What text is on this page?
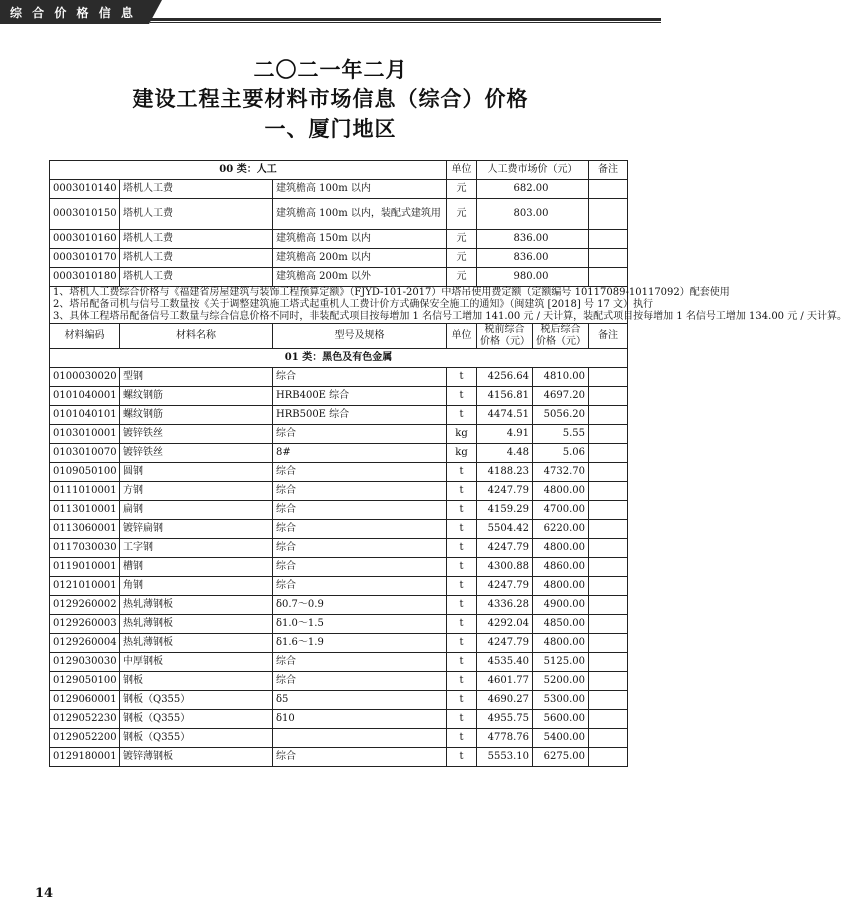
综 合 价 格 信 息
二〇二一年二月
建设工程主要材料市场信息（综合）价格
一、厦门地区
00 类：人工			单位	人工费市场价（元）		备注
0003010140	塔机人工费	建筑檐高 100m 以内	元	682.00		
0003010150	塔机人工费	建筑檐高 100m 以内，装配式建筑用	元	803.00		
0003010160	塔机人工费	建筑檐高 150m 以内	元	836.00		
0003010170	塔机人工费	建筑檐高 200m 以内	元	836.00		
0003010180	塔机人工费	建筑檐高 200m 以外	元	980.00		

1、塔机人工费综合价格与《福建省房屋建筑与装饰工程预算定额》（FJYD-101-2017）中塔吊使用费定额（定额编号 10117089-10117092）配套使用
2、塔吊配备司机与信号工数量按《关于调整建筑施工塔式起重机人工费计价方式确保安全施工的通知》（闽建筑 [2018] 号 17 文）执行
3、具体工程塔吊配备信号工数量与综合信息价格不同时，非装配式项目按每增加 1 名信号工增加 141.00 元 / 天计算，装配式项目按每增加 1 名信号工增加 134.00 元 / 天计算。						

材料编码	材料名称	型号及规格	单位	税前综合价格（元）	税后综合价格（元）	备注
01 类：黑色及有色金属						
0100030020	型钢	综合	t	4256.64	4810.00	
0101040001	螺纹钢筋	HRB400E 综合	t	4156.81	4697.20	
0101040101	螺纹钢筋	HRB500E 综合	t	4474.51	5056.20	
0103010001	镀锌铁丝	综合	kg	4.91	5.55	
0103010070	镀锌铁丝	8#	kg	4.48	5.06	
0109050100	圆钢	综合	t	4188.23	4732.70	
0111010001	方钢	综合	t	4247.79	4800.00	
0113010001	扁钢	综合	t	4159.29	4700.00	
0113060001	镀锌扁钢	综合	t	5504.42	6220.00	
0117030030	工字钢	综合	t	4247.79	4800.00	
0119010001	槽钢	综合	t	4300.88	4860.00	
0121010001	角钢	综合	t	4247.79	4800.00	
0129260002	热轧薄钢板	δ0.7～0.9	t	4336.28	4900.00	
0129260003	热轧薄钢板	δ1.0～1.5	t	4292.04	4850.00	
0129260004	热轧薄钢板	δ1.6～1.9	t	4247.79	4800.00	
0129030030	中厚钢板	综合	t	4535.40	5125.00	
0129050100	钢板	综合	t	4601.77	5200.00	
0129060001	钢板（Q355）	δ5	t	4690.27	5300.00	
0129052230	钢板（Q355）	δ10	t	4955.75	5600.00	
0129052200	钢板（Q355）		t	4778.76	5400.00	
0129180001	镀锌薄钢板	综合	t	5553.10	6275.00	
14
